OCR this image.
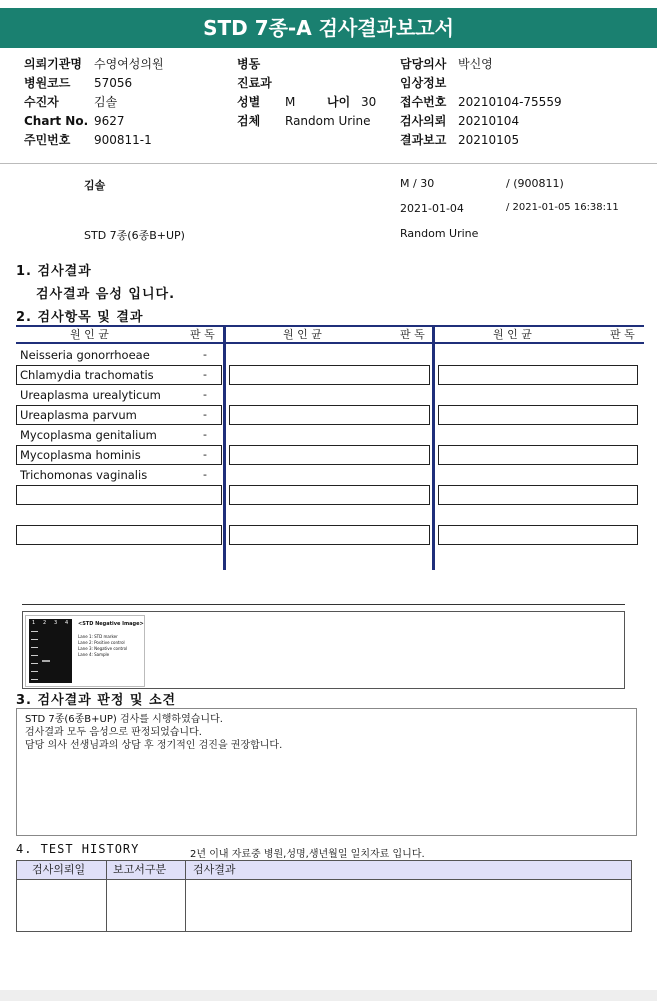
STD 7종-A 검사결과보고서
의뢰기관명 수영여성의원
병원코드 57056
수진자	김솔
Chart No. 9627
주민번호 900811-1
병동
진료과
성별 M	나이 30
검체 Random Urine
담당의사 박신영
임상정보
접수번호 20210104-75559
검사의뢰 20210104
결과보고 20210105
김솔	M / 30	/ (900811)
2021-01-04	/ 2021-01-05 16:38:11
STD 7종(6종B+UP)	Random Urine
1. 검사결과
검사결과 음성 입니다.
2. 검사항목 및 결과
원 인 균	판 독	원 인 균	판 독	원 인 균	판 독
Neisseria gonorrhoeae	-
Chlamydia trachomatis	-
Ureaplasma urealyticum	-
Ureaplasma parvum	-
Mycoplasma genitalium	-
Mycoplasma hominis	-
Trichomonas vaginalis	-
1 2 3 4 <STD Negative Image>
Lane 1: STD marker
Lane 2: Positive control
Lane 3: Negative control
Lane 4: Sample
3. 검사결과 판정 및 소견
STD 7종(6종B+UP) 검사를 시행하였습니다.
검사결과 모두 음성으로 판정되었습니다.
담당 의사 선생님과의 상담 후 정기적인 검진을 권장합니다.
4. TEST HISTORY	2년 이내 자료중 병원,성명,생년월일 일치자료 입니다.
검사의뢰일	보고서구분 검사결과
